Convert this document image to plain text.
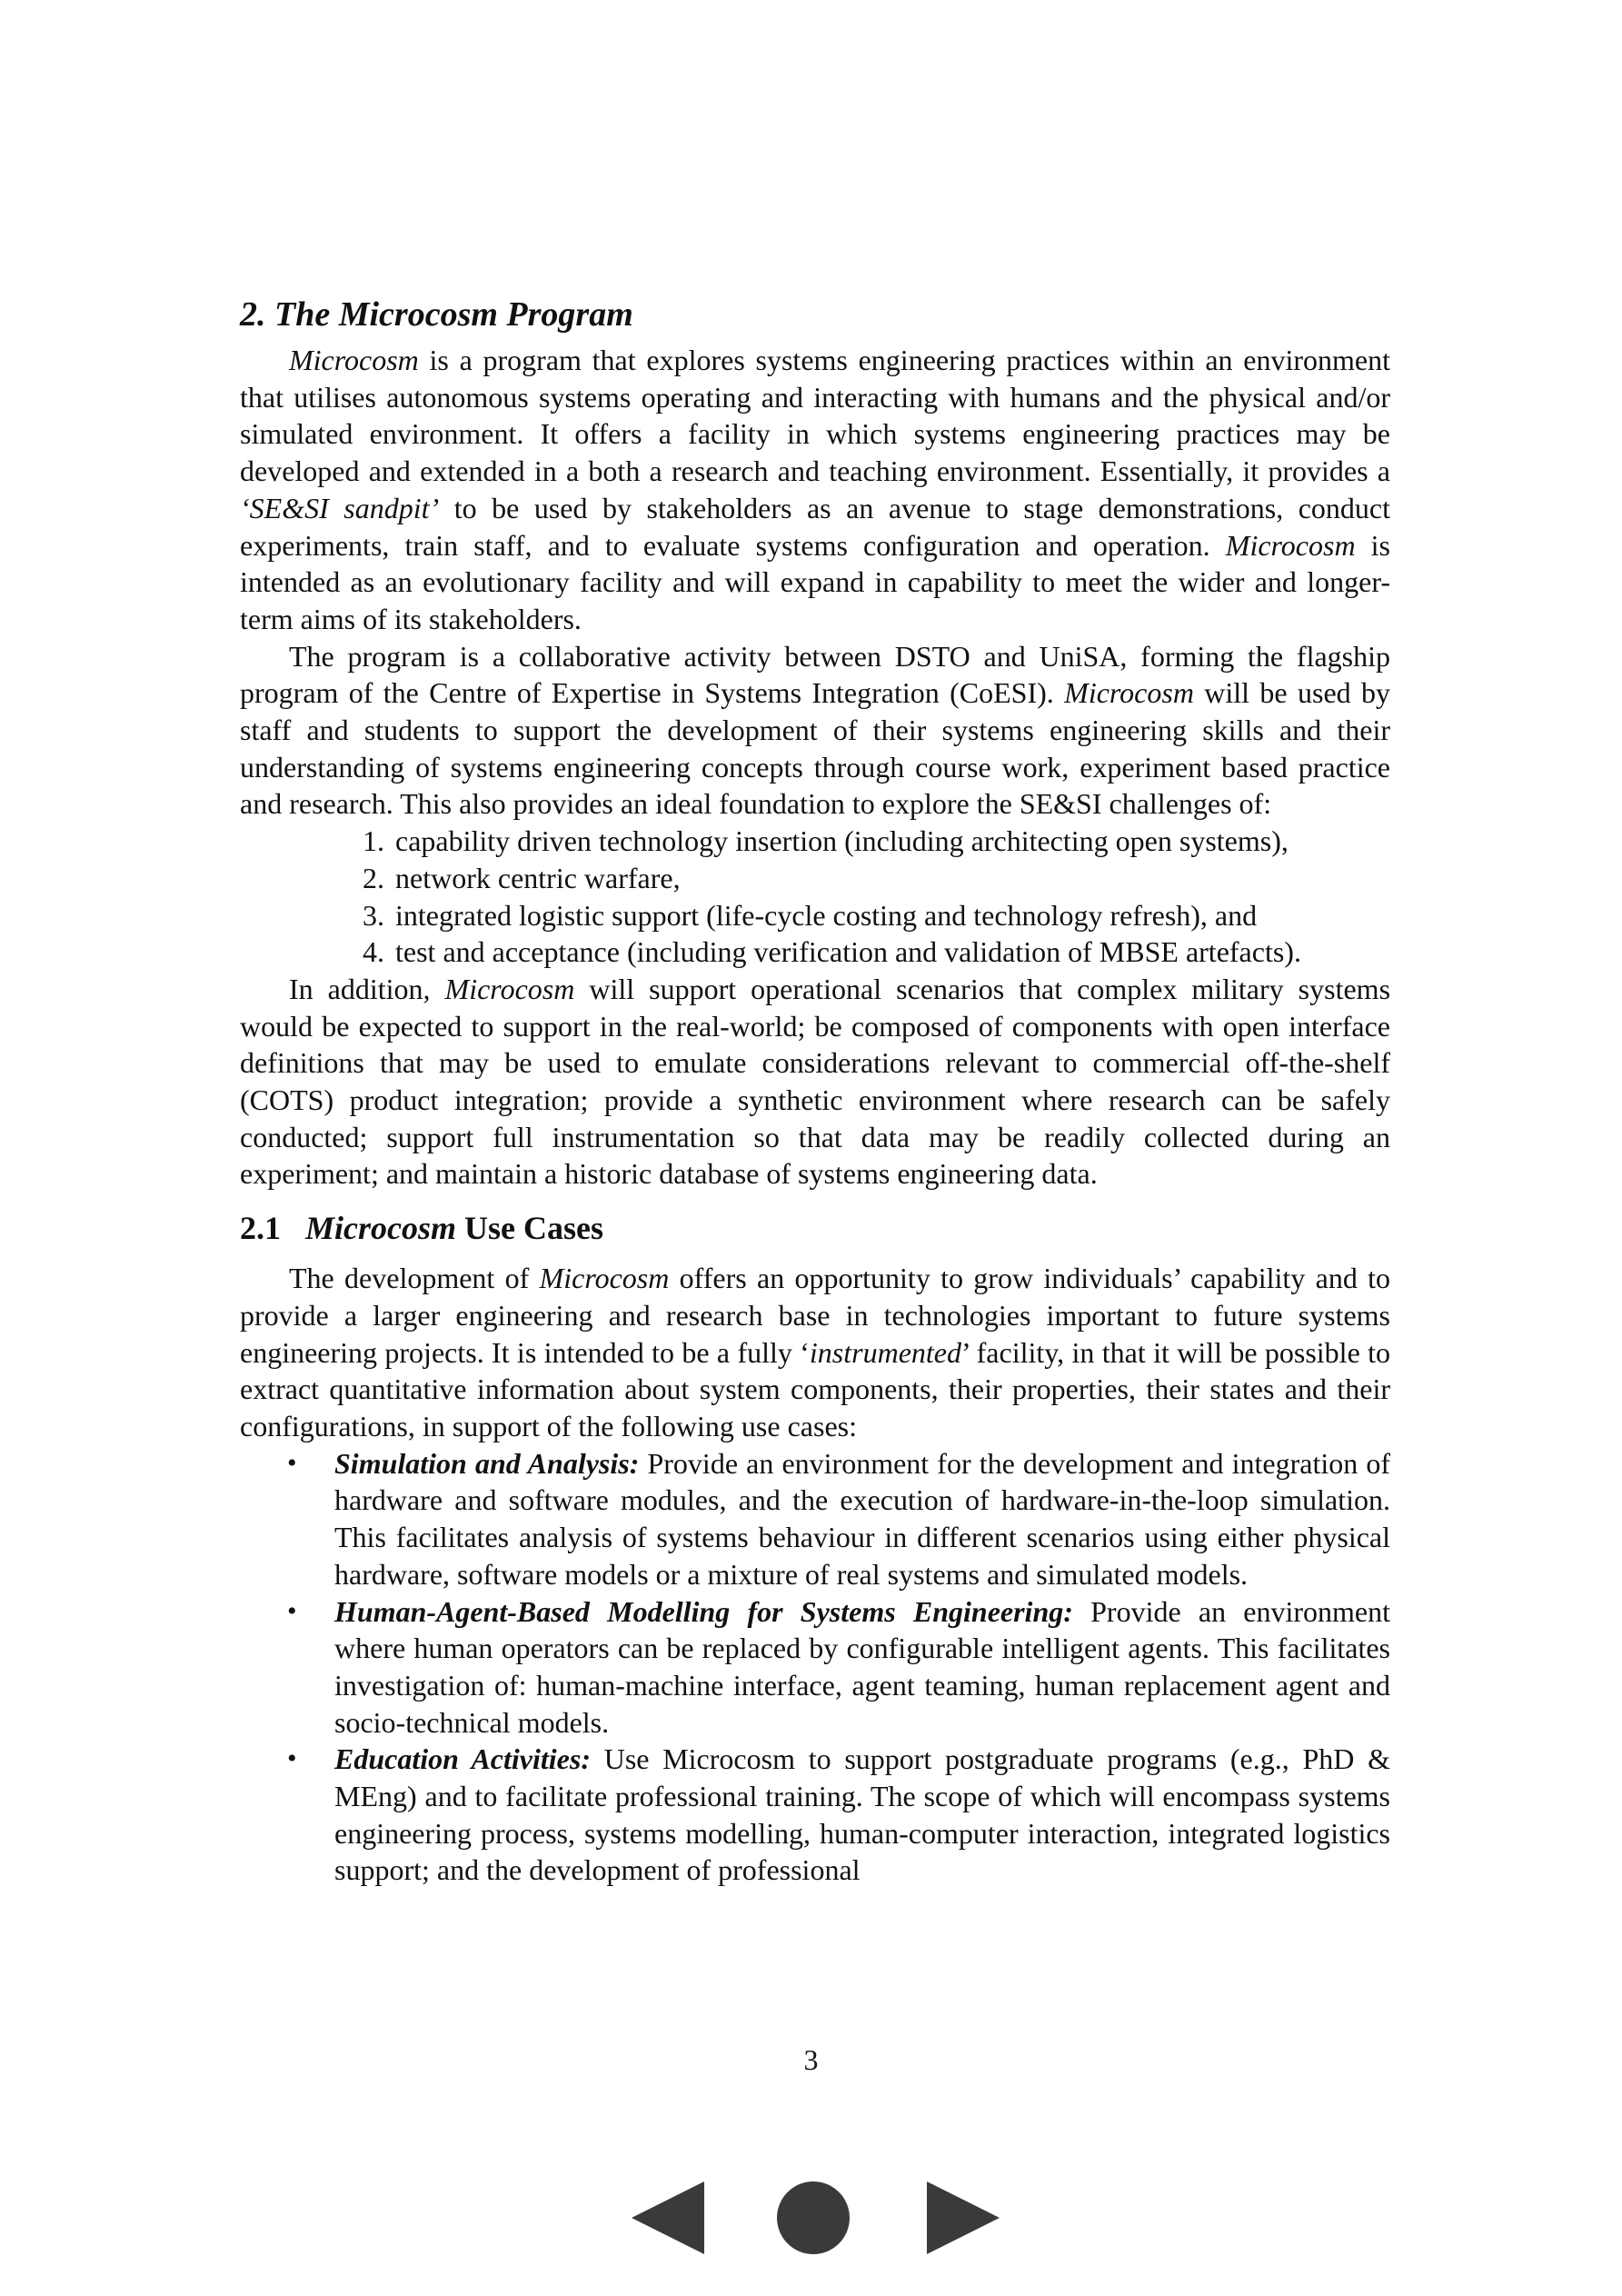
2. The Microcosm Program

Microcosm is a program that explores systems engineering practices within an environment that utilises autonomous systems operating and interacting with humans and the physical and/or simulated environment. It offers a facility in which systems engineering practices may be developed and extended in a both a research and teaching environment. Essentially, it provides a ‘SE&SI sandpit’ to be used by stakeholders as an avenue to stage demonstrations, conduct experiments, train staff, and to evaluate systems configuration and operation. Microcosm is intended as an evolutionary facility and will expand in capability to meet the wider and longer-term aims of its stakeholders.

The program is a collaborative activity between DSTO and UniSA, forming the flagship program of the Centre of Expertise in Systems Integration (CoESI). Microcosm will be used by staff and students to support the development of their systems engineering skills and their understanding of systems engineering concepts through course work, experiment based practice and research. This also provides an ideal foundation to explore the SE&SI challenges of:

1. capability driven technology insertion (including architecting open systems),
2. network centric warfare,
3. integrated logistic support (life-cycle costing and technology refresh), and
4. test and acceptance (including verification and validation of MBSE artefacts).

In addition, Microcosm will support operational scenarios that complex military systems would be expected to support in the real-world; be composed of components with open interface definitions that may be used to emulate considerations relevant to commercial off-the-shelf (COTS) product integration; provide a synthetic environment where research can be safely conducted; support full instrumentation so that data may be readily collected during an experiment; and maintain a historic database of systems engineering data.

2.1 Microcosm Use Cases

The development of Microcosm offers an opportunity to grow individuals’ capability and to provide a larger engineering and research base in technologies important to future systems engineering projects. It is intended to be a fully ‘instrumented’ facility, in that it will be possible to extract quantitative information about system components, their properties, their states and their configurations, in support of the following use cases:

•	Simulation and Analysis: Provide an environment for the development and integration of hardware and software modules, and the execution of hardware-in-the-loop simulation. This facilitates analysis of systems behaviour in different scenarios using either physical hardware, software models or a mixture of real systems and simulated models.
•	Human-Agent-Based Modelling for Systems Engineering: Provide an environment where human operators can be replaced by configurable intelligent agents. This facilitates investigation of: human-machine interface, agent teaming, human replacement agent and socio-technical models.
•	Education Activities: Use Microcosm to support postgraduate programs (e.g., PhD & MEng) and to facilitate professional training. The scope of which will encompass systems engineering process, systems modelling, human-computer interaction, integrated logistics support; and the development of professional
3
